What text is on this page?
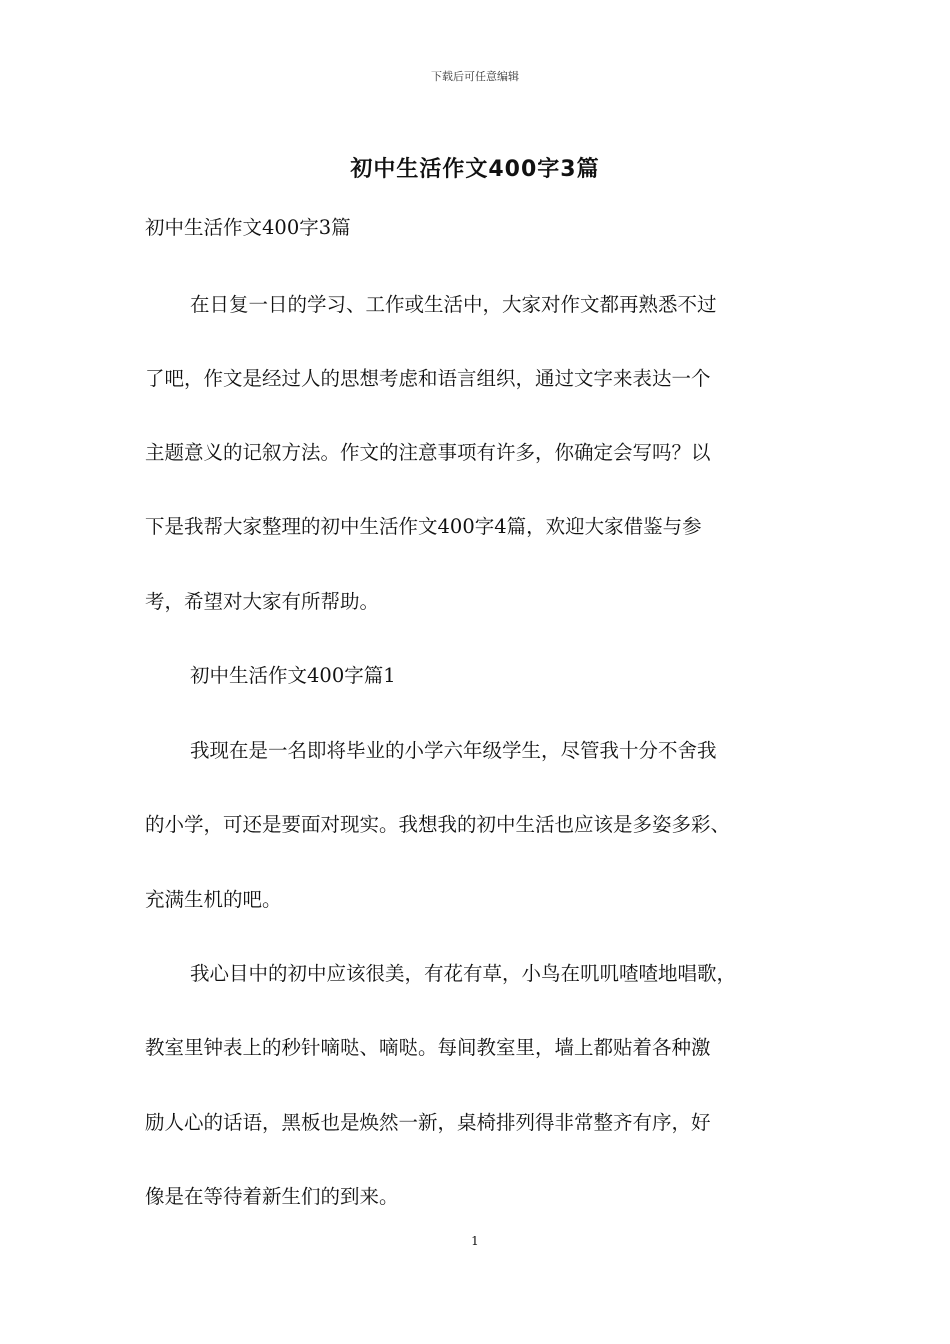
下载后可任意编辑
初中生活作文400字3篇
初中生活作文400字3篇
在日复一日的学习、工作或生活中，大家对作文都再熟悉不过
了吧，作文是经过人的思想考虑和语言组织，通过文字来表达一个
主题意义的记叙方法。作文的注意事项有许多，你确定会写吗？以
下是我帮大家整理的初中生活作文400字4篇，欢迎大家借鉴与参
考，希望对大家有所帮助。
初中生活作文400字篇1
我现在是一名即将毕业的小学六年级学生，尽管我十分不舍我
的小学，可还是要面对现实。我想我的初中生活也应该是多姿多彩、
充满生机的吧。
我心目中的初中应该很美，有花有草，小鸟在叽叽喳喳地唱歌，
教室里钟表上的秒针嘀哒、嘀哒。每间教室里，墙上都贴着各种激
励人心的话语，黑板也是焕然一新，桌椅排列得非常整齐有序，好
像是在等待着新生们的到来。
1
